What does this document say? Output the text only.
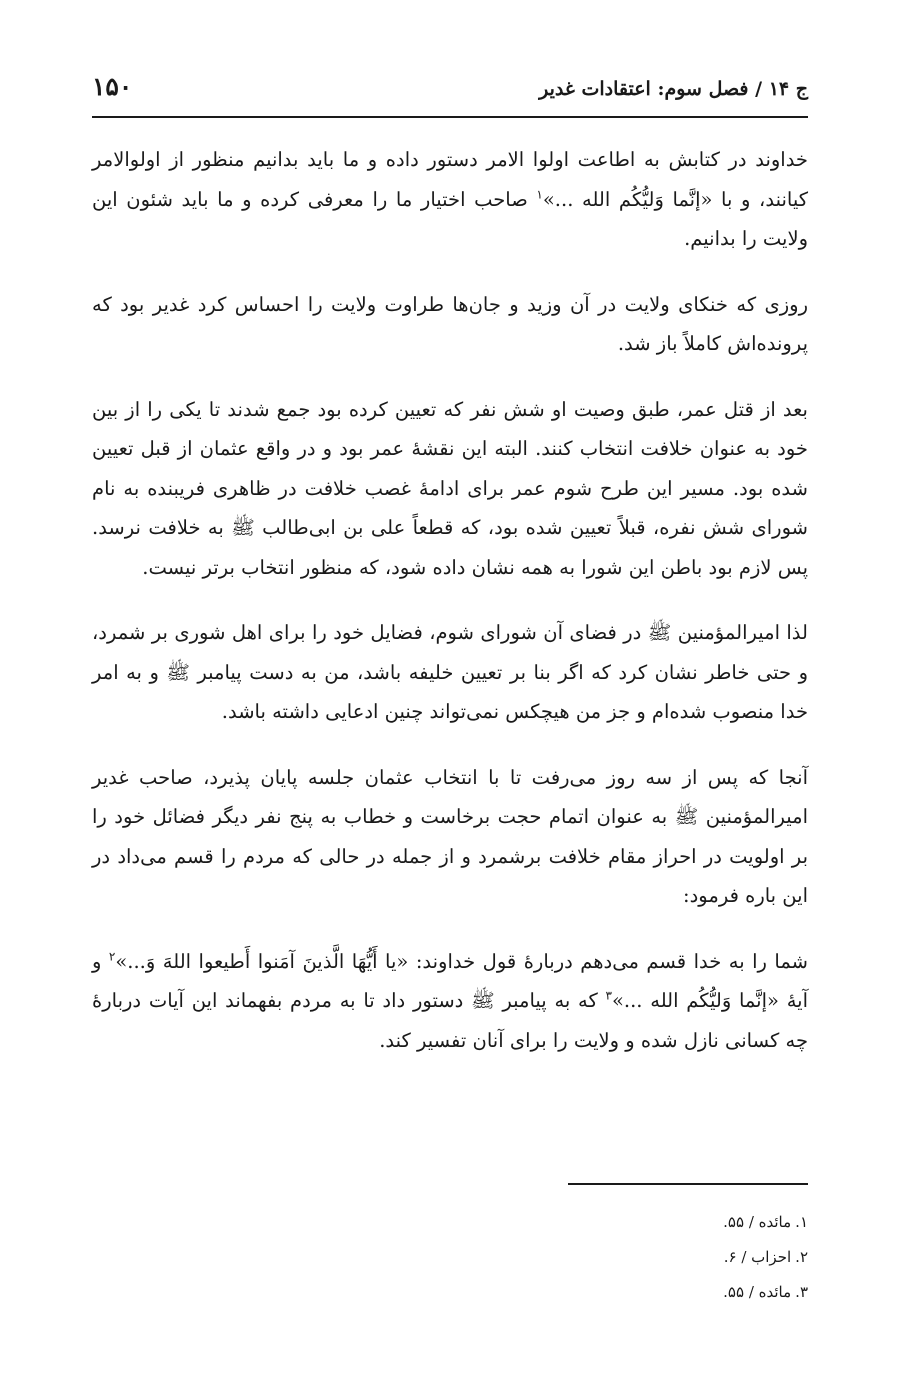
ج ۱۴ / فصل سوم: اعتقادات غدیر
۱۵۰

خداوند در کتابش به اطاعت اولوا الامر دستور داده و ما باید بدانیم منظور از اولوالامر کیانند، و با «إنَّما وَلیُّکُم الله ...»$^۱$ صاحب اختیار ما را معرفی کرده و ما باید شئون این ولایت را بدانیم.

روزی که خنکای ولایت در آن وزید و جان‌ها طراوت ولایت را احساس کرد غدیر بود که پرونده‌اش کاملاً باز شد.

بعد از قتل عمر، طبق وصیت او شش نفر که تعیین کرده بود جمع شدند تا یکی را از بین خود به عنوان خلافت انتخاب کنند. البته این نقشهٔ عمر بود و در واقع عثمان از قبل تعیین شده بود. مسیر این طرح شوم عمر برای ادامهٔ غصب خلافت در ظاهری فریبنده به نام شورای شش نفره، قبلاً تعیین شده بود، که قطعاً علی بن ابی‌طالب ﷺ به خلافت نرسد. پس لازم بود باطن این شورا به همه نشان داده شود، که منظور انتخاب برتر نیست.

لذا امیرالمؤمنین ﷺ در فضای آن شورای شوم، فضایل خود را برای اهل شوری بر شمرد، و حتی خاطر نشان کرد که اگر بنا بر تعیین خلیفه باشد، من به دست پیامبر ﷺ و به امر خدا منصوب شده‌ام و جز من هیچکس نمی‌تواند چنین ادعایی داشته باشد.

آنجا که پس از سه روز می‌رفت تا با انتخاب عثمان جلسه پایان پذیرد، صاحب غدیر امیرالمؤمنین ﷺ به عنوان اتمام حجت برخاست و خطاب به پنج نفر دیگر فضائل خود را بر اولویت در احراز مقام خلافت برشمرد و از جمله در حالی که مردم را قسم می‌داد در این باره فرمود:

شما را به خدا قسم می‌دهم دربارهٔ قول خداوند: «یا أَیُّهَا الَّذینَ آمَنوا أَطیعوا اللهَ وَ...»$^۲$ و آیهٔ «إنَّما وَلیُّکُم الله ...»$^۳$ که به پیامبر ﷺ دستور داد تا به مردم بفهماند این آیات دربارهٔ چه کسانی نازل شده و ولایت را برای آنان تفسیر کند.

۱.مائده / ۵۵.
۲.احزاب / ۶.
۳.مائده / ۵۵.
